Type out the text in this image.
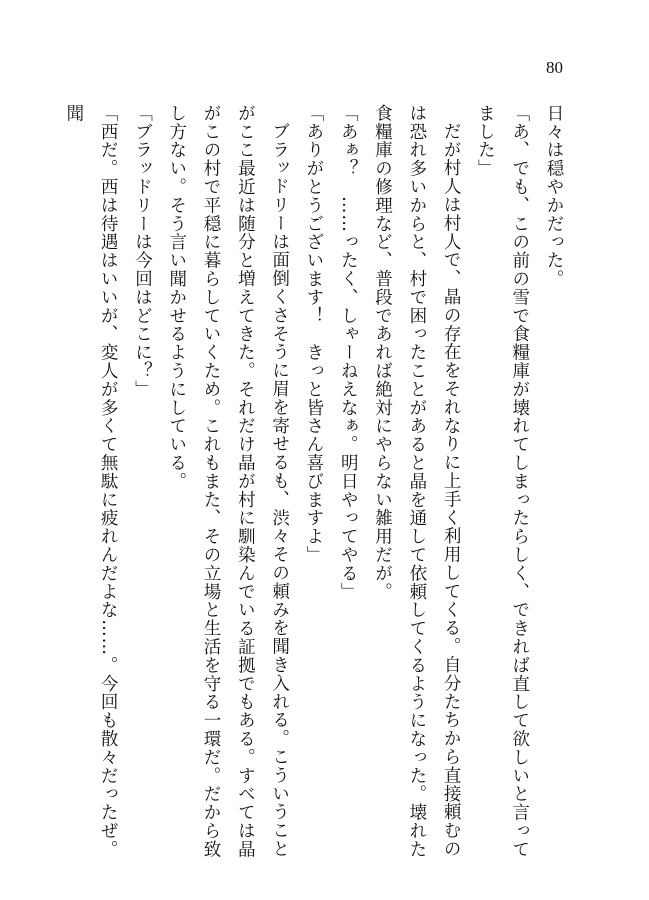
80

日々は穏やかだった。

「あ、でも、この前の雪で食糧庫が壊れてしまったらしく、できれば直して欲しいと言ってました」

だが村人は村人で、晶の存在をそれなりに上手く利用してくる。自分たちから直接頼むのは恐れ多いからと、村で困ったことがあると晶を通して依頼してくるようになった。壊れた食糧庫の修理など、普段であれば絶対にやらない雑用だが。

「あぁ？　……ったく、しゃーねえなぁ。明日やってやる」

「ありがとうございます！　きっと皆さん喜びますよ」

ブラッドリーは面倒くさそうに眉を寄せるも、渋々その頼みを聞き入れる。こういうことがここ最近は随分と増えてきた。それだけ晶が村に馴染んでいる証拠でもある。すべては晶がこの村で平穏に暮らしていくため。これもまた、その立場と生活を守る一環だ。だから致し方ない。そう言い聞かせるようにしている。

「ブラッドリーは今回はどこに？」

「西だ。西は待遇はいいが、変人が多くて無駄に疲れんだよな……。今回も散々だったぜ。聞
